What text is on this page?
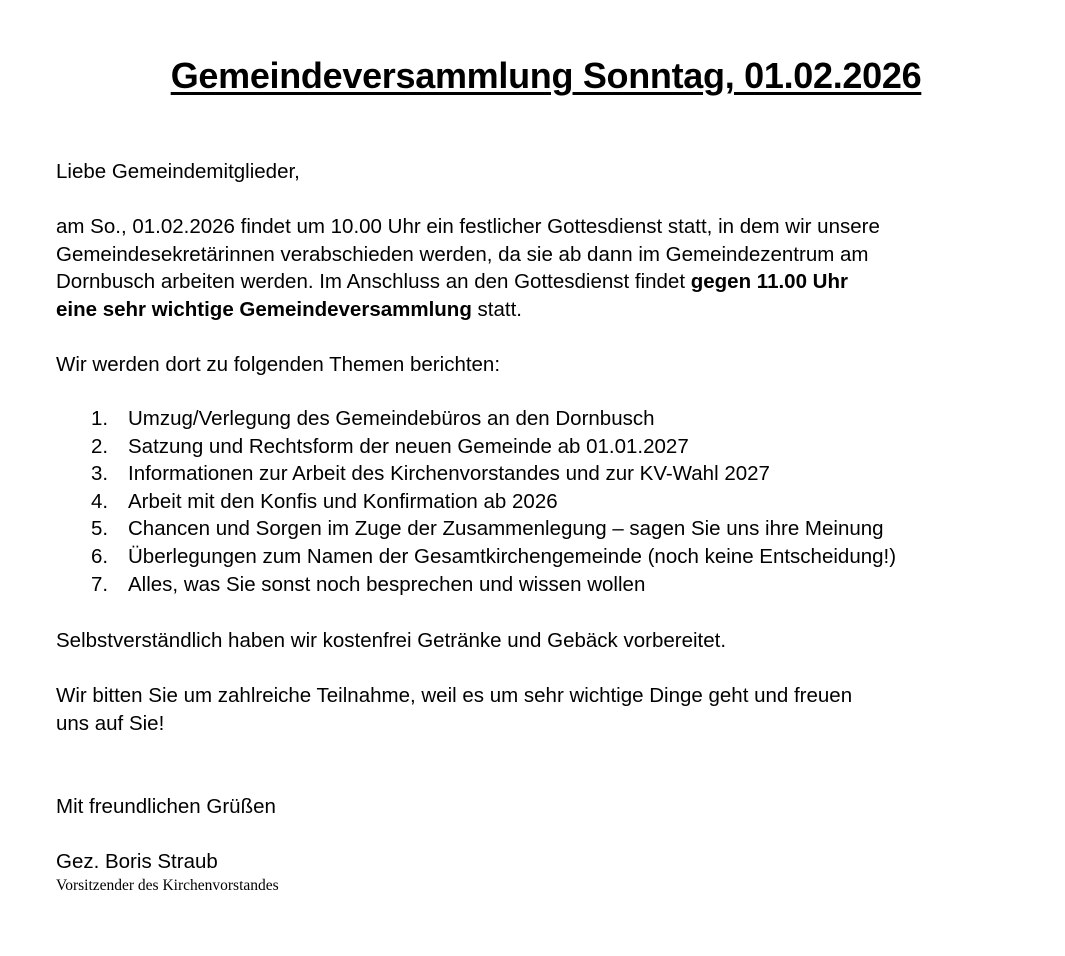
Gemeindeversammlung Sonntag, 01.02.2026
Liebe Gemeindemitglieder,
am So., 01.02.2026 findet um 10.00 Uhr ein festlicher Gottesdienst statt, in dem wir unsere
Gemeindesekretärinnen verabschieden werden, da sie ab dann im Gemeindezentrum am
Dornbusch arbeiten werden. Im Anschluss an den Gottesdienst findet gegen 11.00 Uhr
eine sehr wichtige Gemeindeversammlung statt.
Wir werden dort zu folgenden Themen berichten:
1. Umzug/Verlegung des Gemeindebüros an den Dornbusch
2. Satzung und Rechtsform der neuen Gemeinde ab 01.01.2027
3. Informationen zur Arbeit des Kirchenvorstandes und zur KV-Wahl 2027
4. Arbeit mit den Konfis und Konfirmation ab 2026
5. Chancen und Sorgen im Zuge der Zusammenlegung – sagen Sie uns ihre Meinung
6. Überlegungen zum Namen der Gesamtkirchengemeinde (noch keine Entscheidung!)
7. Alles, was Sie sonst noch besprechen und wissen wollen
Selbstverständlich haben wir kostenfrei Getränke und Gebäck vorbereitet.
Wir bitten Sie um zahlreiche Teilnahme, weil es um sehr wichtige Dinge geht und freuen
uns auf Sie!
Mit freundlichen Grüßen
Gez. Boris Straub
Vorsitzender des Kirchenvorstandes
